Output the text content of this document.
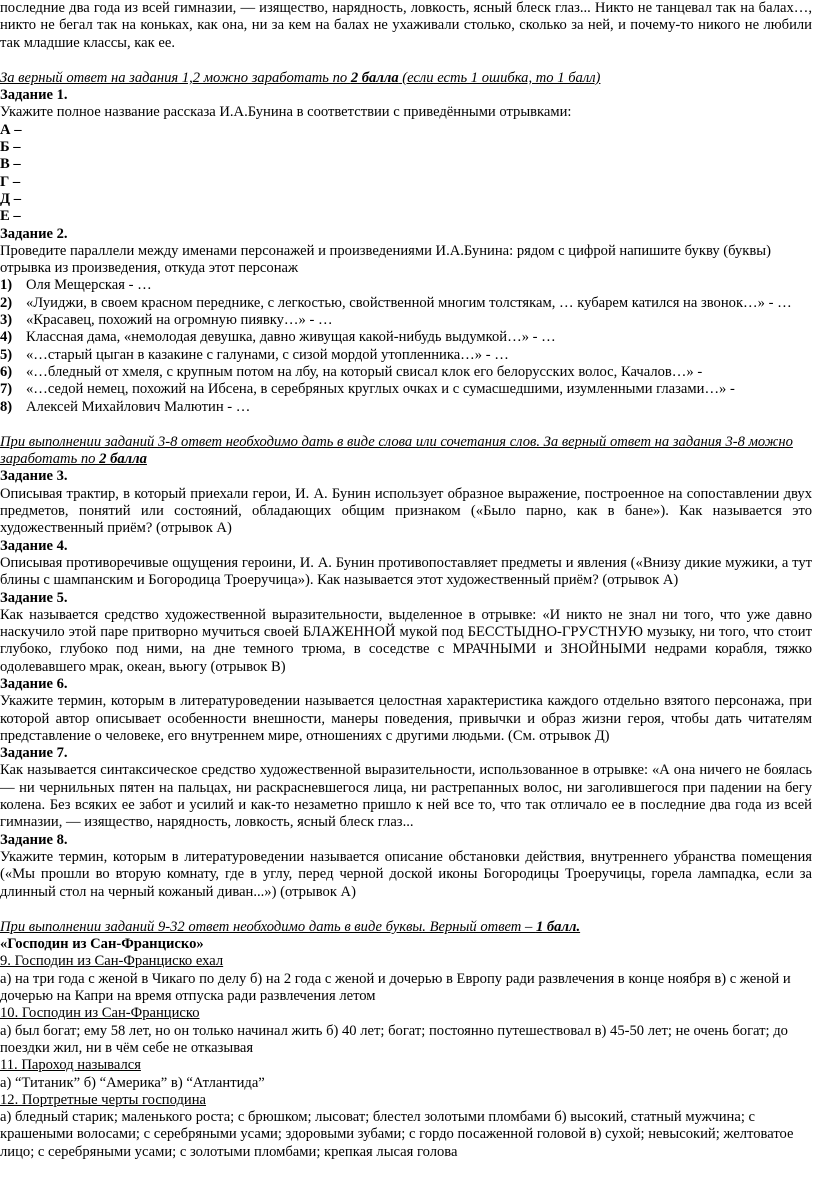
последние два года из всей гимназии, — изящество, нарядность, ловкость, ясный блеск глаз... Никто не танцевал так на балах…, никто не бегал так на коньках, как она, ни за кем на балах не ухаживали столько, сколько за ней, и почему-то никого не любили так младшие классы, как ее.

За верный ответ на задания 1,2 можно заработать по 2 балла (если есть 1 ошибка, то 1 балл)

Задание 1.

Укажите полное название рассказа И.А.Бунина в соответствии с приведёнными отрывками:

А –

Б –

В –

Г –

Д –

Е –

Задание 2.

Проведите параллели между именами персонажей и произведениями И.А.Бунина: рядом с цифрой напишите букву (буквы) отрывка из произведения, откуда этот персонаж

1) Оля Мещерская - …
2) «Луиджи, в своем красном переднике, с легкостью, свойственной многим толстякам, … кубарем катился на звонок…» - …
3) «Красавец, похожий на огромную пиявку…» - …
4) Классная дама, «немолодая девушка, давно живущая какой-нибудь выдумкой…» - …
5) «…старый цыган в казакине с галунами, с сизой мордой утопленника…» - …
6) «…бледный от хмеля, с крупным потом на лбу, на который свисал клок его белорусских волос, Качалов…» -
7) «…седой немец, похожий на Ибсена, в серебряных круглых очках и с сумасшедшими, изумленными глазами…» -
8) Алексей Михайлович Малютин - …

При выполнении заданий 3-8 ответ необходимо дать в виде слова или сочетания слов. За верный ответ на задания 3-8 можно заработать по 2 балла

Задание 3.

Описывая трактир, в который приехали герои, И. А. Бунин использует образное выражение, построенное на сопоставлении двух предметов, понятий или состояний, обладающих общим признаком («Было парно, как в бане»). Как называется это художественный приём? (отрывок А)

Задание 4.

Описывая противоречивые ощущения героини, И. А. Бунин противопоставляет предметы и явления («Внизу дикие мужики, а тут блины с шампанским и Богородица Троеручица»). Как называется этот художественный приём? (отрывок А)

Задание 5.

Как называется средство художественной выразительности, выделенное в отрывке: «И никто не знал ни того, что уже давно наскучило этой паре притворно мучиться своей БЛАЖЕННОЙ мукой под БЕССТЫДНО-ГРУСТНУЮ музыку, ни того, что стоит глубоко, глубоко под ними, на дне темного трюма, в соседстве с МРАЧНЫМИ и ЗНОЙНЫМИ недрами корабля, тяжко одолевавшего мрак, океан, вьюгу (отрывок В)

Задание 6.

Укажите термин, которым в литературоведении называется целостная характеристика каждого отдельно взятого персонажа, при которой автор описывает особенности внешности, манеры поведения, привычки и образ жизни героя, чтобы дать читателям представление о человеке, его внутреннем мире, отношениях с другими людьми. (См. отрывок Д)

Задание 7.

Как называется синтаксическое средство художественной выразительности, использованное в отрывке: «А она ничего не боялась — ни чернильных пятен на пальцах, ни раскрасневшегося лица, ни растрепанных волос, ни заголившегося при падении на бегу колена. Без всяких ее забот и усилий и как-то незаметно пришло к ней все то, что так отличало ее в последние два года из всей гимназии, — изящество, нарядность, ловкость, ясный блеск глаз...

Задание 8.

Укажите термин, которым в литературоведении называется описание обстановки действия, внутреннего убранства помещения («Мы прошли во вторую комнату, где в углу, перед черной доской иконы Богородицы Троеручицы, горела лампадка, если за длинный стол на черный кожаный диван...») (отрывок А)

При выполнении заданий 9-32 ответ необходимо дать в виде буквы. Верный ответ – 1 балл.

«Господин из Сан-Франциско»

9. Господин из Сан-Франциско ехал

а) на три года с женой в Чикаго по делу б) на 2 года с женой и дочерью в Европу ради развлечения в конце ноября в) с женой и дочерью на Капри на время отпуска ради развлечения летом

10. Господин из Сан-Франциско

а) был богат; ему 58 лет, но он только начинал жить б) 40 лет; богат; постоянно путешествовал в) 45-50 лет; не очень богат; до поездки жил, ни в чём себе не отказывая

11. Пароход назывался

а) “Титаник” б) “Америка” в) “Атлантида”

12. Портретные черты господина

а) бледный старик; маленького роста; с брюшком; лысоват; блестел золотыми пломбами б) высокий, статный мужчина; с крашеными волосами; с серебряными усами; здоровыми зубами; с гордо посаженной головой в) сухой; невысокий; желтоватое лицо; с серебряными усами; с золотыми пломбами; крепкая лысая голова
